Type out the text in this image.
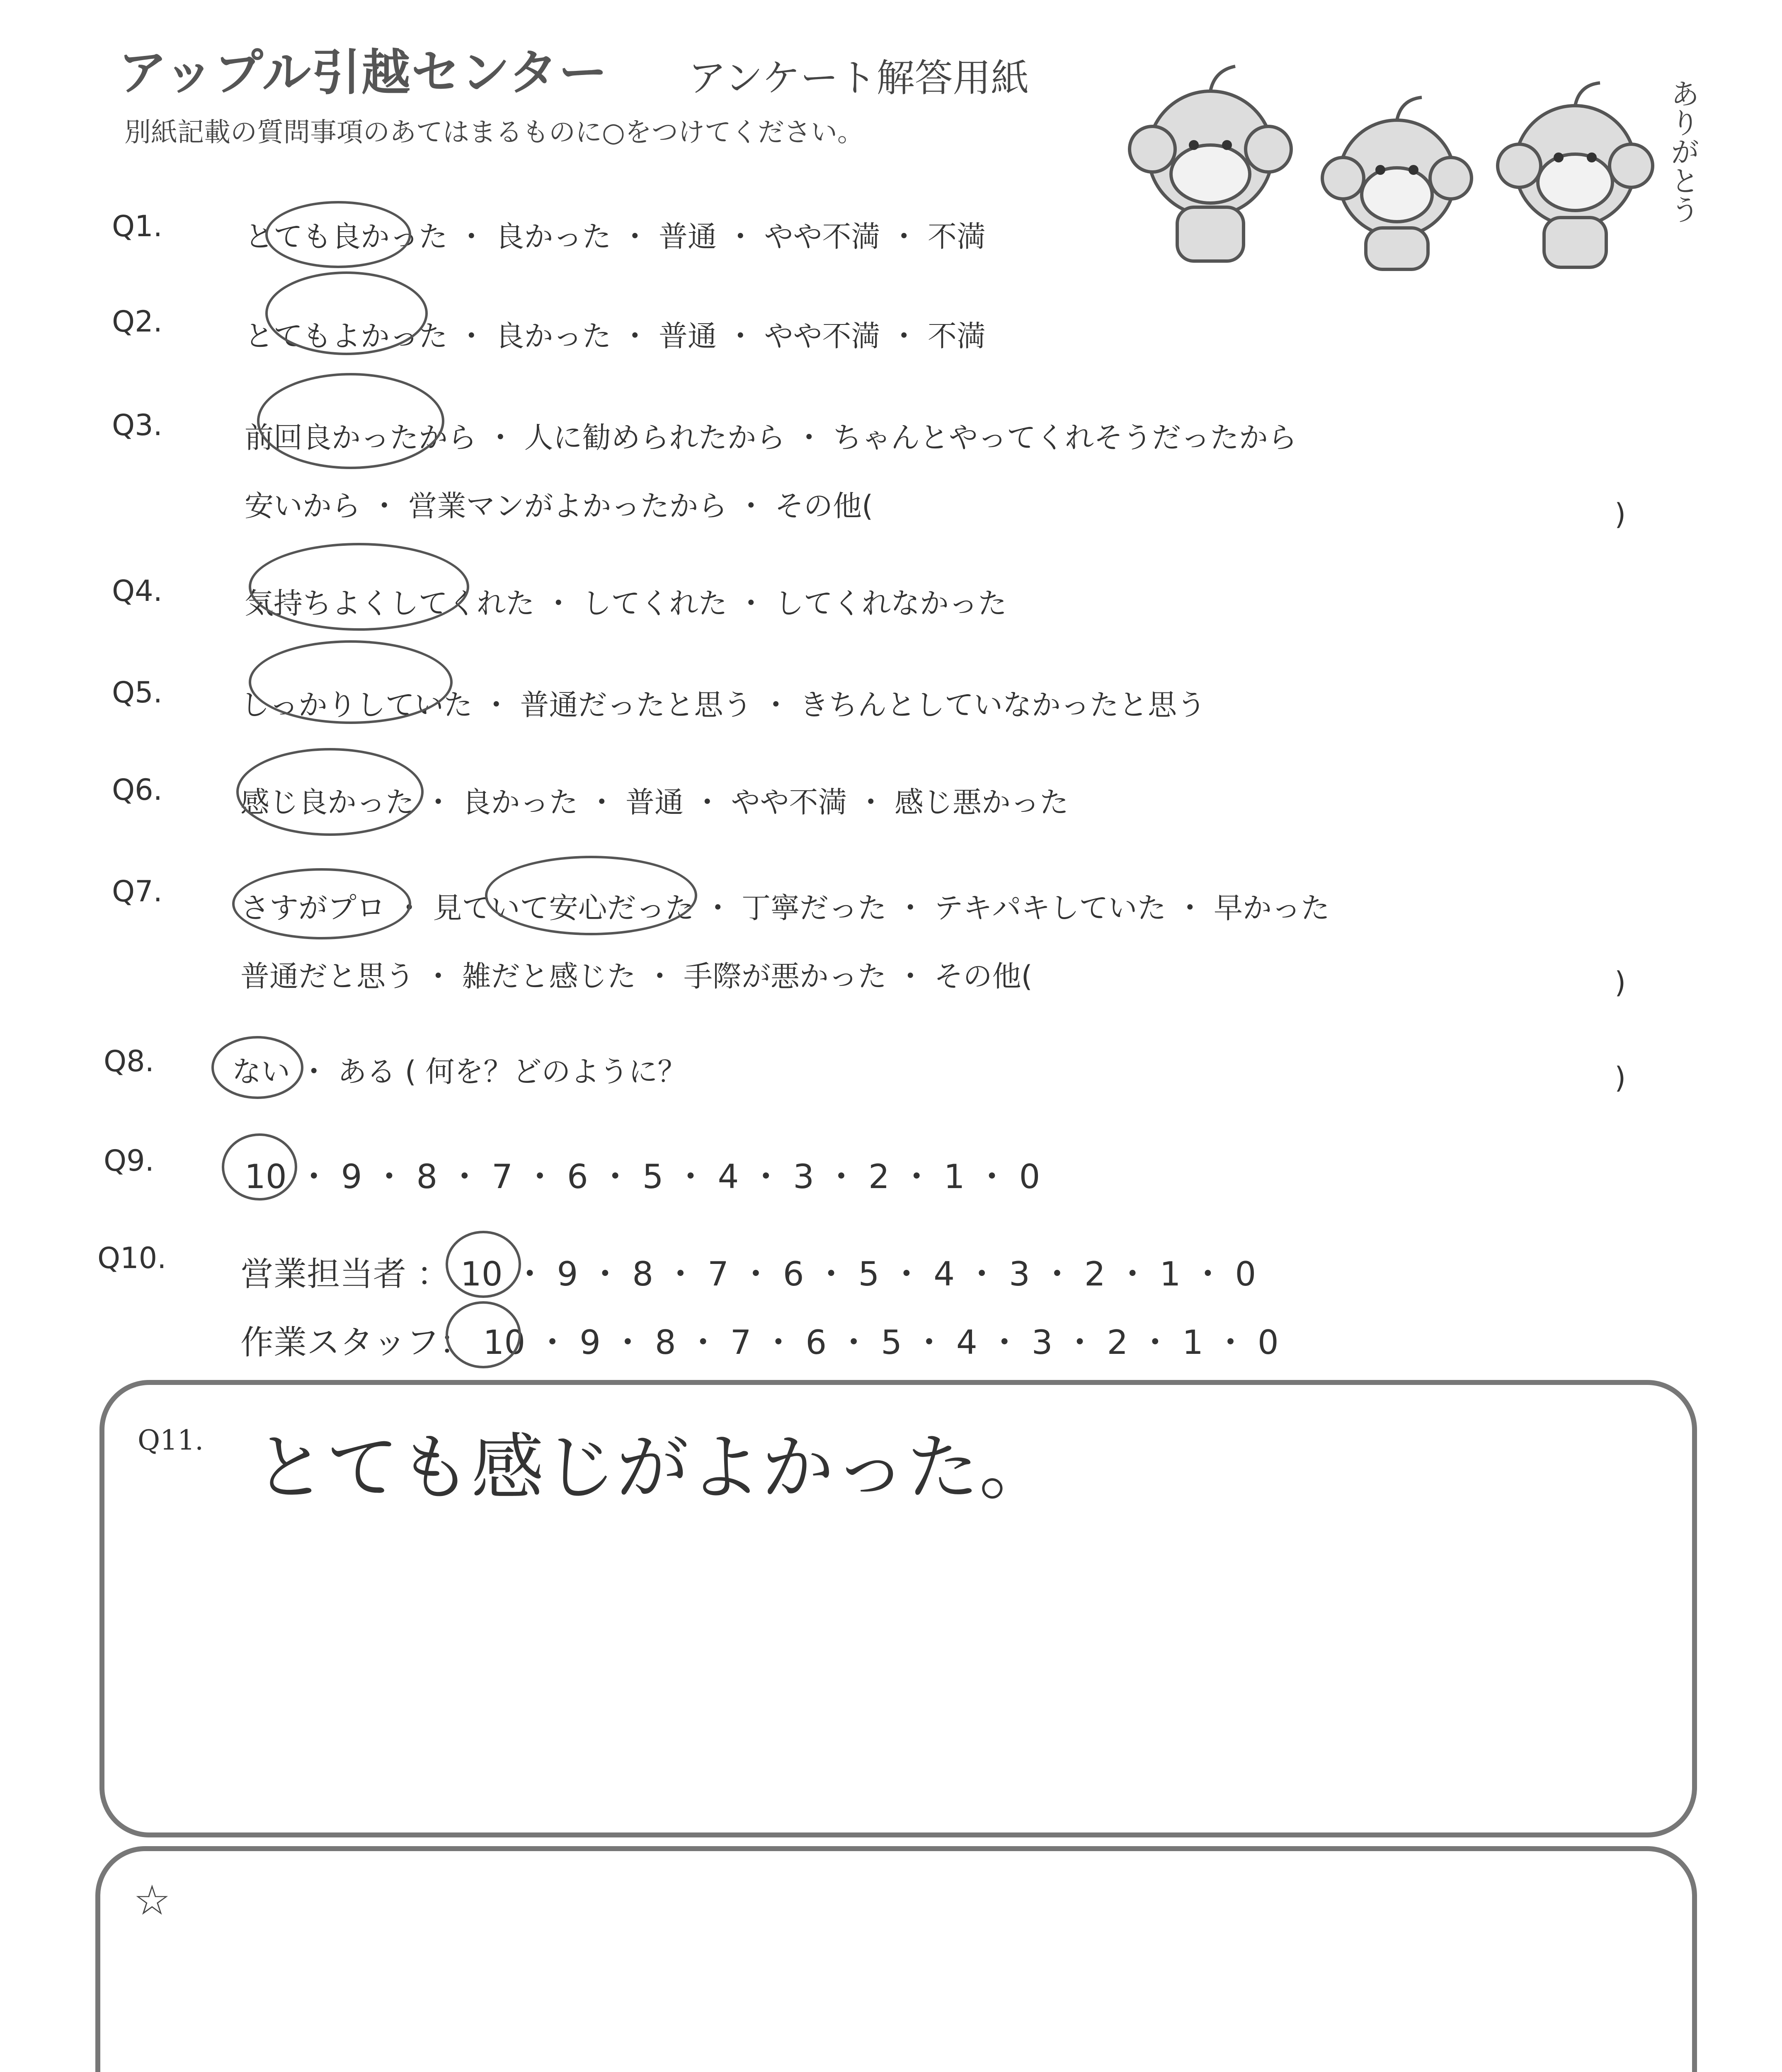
アップル引越センター アンケート解答用紙
別紙記載の質問事項のあてはまるものに○をつけてください。	ありがとう
Q1.	とても良かった ・ 良かった ・ 普通 ・ やや不満 ・ 不満
Q2.	とてもよかった ・ 良かった ・ 普通 ・ やや不満 ・ 不満
Q3.	前回良かったから ・ 人に勧められたから ・ ちゃんとやってくれそうだったから
安いから ・ 営業マンがよかったから ・ その他(	)
Q4.	気持ちよくしてくれた ・ してくれた ・ してくれなかった
Q5.	しっかりしていた ・ 普通だったと思う ・ きちんとしていなかったと思う
Q6.	感じ良かった ・ 良かった ・ 普通 ・ やや不満 ・ 感じ悪かった
Q7.	さすがプロ ・ 見ていて安心だった ・ 丁寧だった ・ テキパキしていた ・ 早かった
普通だと思う ・ 雑だと感じた ・ 手際が悪かった ・ その他(	)
Q8.	ない ・ ある ( 何を？どのように？	)
Q9.	10 ・ 9 ・ 8 ・ 7 ・ 6 ・ 5 ・ 4 ・ 3 ・ 2 ・ 1 ・ 0
Q10. 営業担当者 ： 10 ・ 9 ・ 8 ・ 7 ・ 6 ・ 5 ・ 4 ・ 3 ・ 2 ・ 1 ・ 0
作業スタッフ： 10 ・ 9 ・ 8 ・ 7 ・ 6 ・ 5 ・ 4 ・ 3 ・ 2 ・ 1 ・ 0
Q11. とても感じがよかった。
☆
